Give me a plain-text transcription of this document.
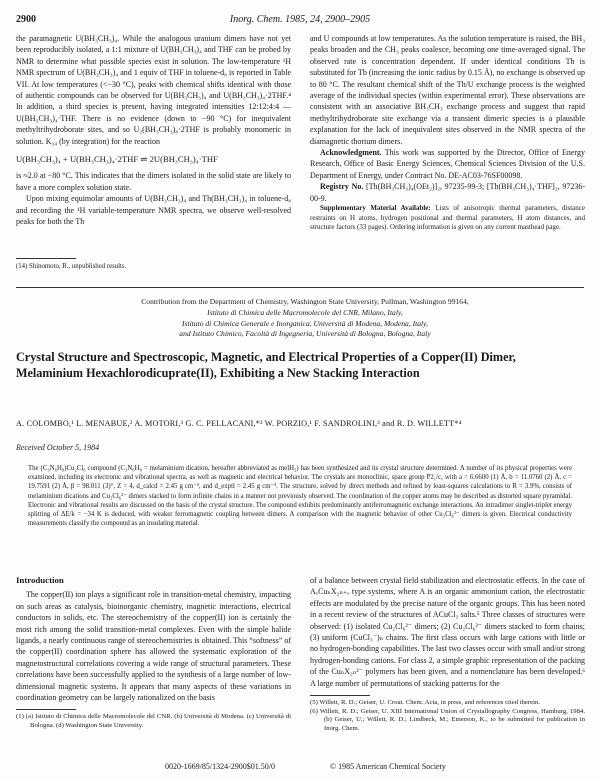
2900	Inorg. Chem. 1985, 24, 2900–2905

the paramagnetic U(BH₃CH₃)₄. While the analogous uranium dimers have not yet been reproducibly isolated, a 1:1 mixture of U(BH₃CH₃)₄ and THF can be probed by NMR to determine what possible species exist in solution. The low-temperature ¹H NMR spectrum of U(BH₃CH₃)₄ and 1 equiv of THF in toluene-d₈ is reported in Table VII. At low temperatures (<−30 °C), peaks with chemical shifts identical with those of authentic compounds can be observed for U(BH₃CH₃)₄ and U(BH₃CH₃)₄·2THF.⁴ In addition, a third species is present, having integrated intensities 12:12:4:4 —U(BH₃CH₃)₄·THF. There is no evidence (down to −90 °C) for inequivalent methyltrihydroborate sites, and so U₂(BH₃CH₃)₈·2THF is probably monomeric in solution. K₃₄ (by integration) for the reaction

U(BH₃CH₃)₄ + U(BH₃CH₃)₄·2THF ⇌ 2U(BH₃CH₃)₄·THF

is ≈2.0 at −80 °C. This indicates that the dimers isolated in the solid state are likely to have a more complex solution state.

Upon mixing equimolar amounts of U(BH₃CH₃)₄ and Th(BH₃CH₃)₄ in toluene-d₈ and recording the ¹H variable-temperature NMR spectra, we observe well-resolved peaks for both the Th

(14) Shinomoto, R., unpublished results.

and U compounds at low temperatures. As the solution temperature is raised, the BH₃ peaks broaden and the CH₃ peaks coalesce, becoming one time-averaged signal. The observed rate is concentration dependent. If under identical conditions Th is substituted for Tb (increasing the ionic radius by 0.15 Å), no exchange is observed up to 80 °C. The resultant chemical shift of the Th/U exchange process is the weighted average of the individual species (within experimental error). These observations are consistent with an associative BH₃CH₃ exchange process and suggest that rapid methyltrihydroborate site exchange via a transient dimeric species is a plausible explanation for the lack of inequivalent sites observed in the NMR spectra of the diamagnetic thorium dimers.

Acknowledgment. This work was supported by the Director, Office of Energy Research, Office of Basic Energy Sciences, Chemical Sciences Division of the U.S. Department of Energy, under Contract No. DE-AC03-76SF00098.

Registry No. [Th(BH₃CH₃)₄(OEt₂)]₂, 97235-99-3; [Th(BH₃CH₃)₄·THF]₂, 97236-00-9.

Supplementary Material Available: Lists of anisotropic thermal parameters, distance restraints on H atoms, hydrogen positional and thermal parameters, H atom distances, and structure factors (33 pages). Ordering information is given on any current masthead page.

Contribution from the Department of Chemistry, Washington State University, Pullman, Washington 99164,
Istituto di Chimica delle Macromolecole del CNR, Milano, Italy,
Istituto di Chimica Generale e Inorganica, Università di Modena, Modena, Italy,
and Istituto Chimico, Facoltà di Ingegneria, Università di Bologna, Bologna, Italy
Crystal Structure and Spectroscopic, Magnetic, and Electrical Properties of a Copper(II) Dimer, Melaminium Hexachlorodicuprate(II), Exhibiting a New Stacking Interaction
A. COLOMBO,¹ L. MENABUE,² A. MOTORI,³ G. C. PELLACANI,*² W. PORZIO,¹ F. SANDROLINI,³ and R. D. WILLETT*⁴
Received October 5, 1984
The (C₃N₆H₈)Cu₂Cl₆ compound (C₃N₆H₈ = melaminium dication, hereafter abbreviated as melH₂) has been synthesized and its crystal structure determined. A number of its physical properties were examined, including its electronic and vibrational spectra, as well as magnetic and electrical behavior. The crystals are monoclinic, space group P2₁/c, with a = 6.6600 (1) Å, b = 11.0760 (2) Å, c = 19.7591 (2) Å, β = 98.011 (3)°, Z = 4, d_calcd = 2.45 g cm⁻³, and d_exptl = 2.45 g cm⁻³. The structure, solved by direct methods and refined by least-squares calculations to R = 3.9%, consists of melaminium dications and Cu₂Cl₆²⁻ dimers stacked to form infinite chains in a manner not previously observed. The coordination of the copper atoms may be described as distorted square pyramidal. Electronic and vibrational results are discussed on the basis of the crystal structure. The compound exhibits predominantly antiferromagnetic exchange interactions. An intradimer singlet-triplet energy splitting of ΔE/k = −34 K is deduced, with weaker ferromagnetic coupling between dimers. A comparison with the magnetic behavior of other Cu₂Cl₆²⁻ dimers is given. Electrical conductivity measurements classify the compound as an insulating material.
Introduction

The copper(II) ion plays a significant role in transition-metal chemistry, impacting on such areas as catalysis, bioinorganic chemistry, magnetic interactions, electrical conductors in solids, etc. The stereochemistry of the copper(II) ion is certainly the most rich among the solid transition-metal complexes. Even with the simple halide ligands, a nearly continuous range of stereochemistries is obtained. This “softness” of the copper(II) coordination sphere has allowed the systematic exploration of the magnetostructural correlations covering a wide range of structural parameters. These correlations have been successfully applied to the synthesis of a large number of low-dimensional magnetic systems. It appears that many aspects of these variations in coordination geometry can be largely rationalized on the basis

(1) (a) Istituto di Chimica delle Macromolecole del CNR. (b) Università di Modena. (c) Università di Bologna. (d) Washington State University.

of a balance between crystal field stabilization and electrostatic effects. In the case of AₓCuₙX₂ₙ₊ₓ type systems, where A is an organic ammonium cation, the electrostatic effects are modulated by the precise nature of the organic groups. This has been noted in a recent review of the structures of ACuCl₃ salts.⁵ Three classes of structures were observed: (1) isolated Cu₂Cl₆²⁻ dimers; (2) Cu₂Cl₆²⁻ dimers stacked to form chains; (3) uniform (CuCl₃⁻)ₙ chains. The first class occurs with large cations with little or no hydrogen-bonding capabilities. The last two classes occur with small and/or strong hydrogen-bonding cations. For class 2, a simple graphic representation of the packing of the CuₙX₂ₙ²⁻ polymers has been given, and a nomenclature has been developed.⁶ A large number of permutations of stacking patterns for the

(5) Willett, R. D.; Geiser, U. Croat. Chem. Acta, in press, and references cited therein.
(6) Willett, R. D.; Geiser, U. XIII International Union of Crystallography Congress, Hamburg, 1984. (b) Geiser, U.; Willett, R. D.; Lindbeck, M.; Emerson, K., to be submitted for publication in Inorg. Chem.
0020-1669/85/1324-2900$01.50/0	© 1985 American Chemical Society
